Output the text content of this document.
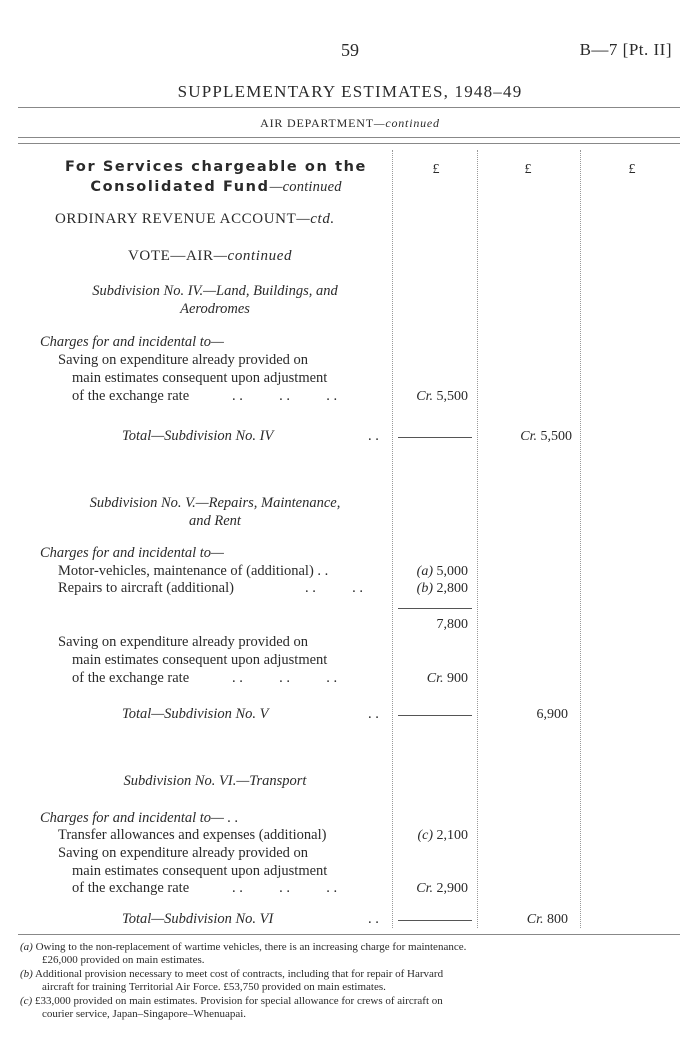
59	B—7 [Pt. II]
SUPPLEMENTARY ESTIMATES, 1948–49
AIR DEPARTMENT—continued
£	£	£
For Services chargeable on the
Consolidated Fund—continued
ORDINARY REVENUE ACCOUNT—ctd.
VOTE—AIR—continued
Subdivision No. IV.—Land, Buildings, and
Aerodromes
Charges for and incidental to—
Saving on expenditure already provided on
main estimates consequent upon adjustment
of the exchange rate	. .          . .          . .	Cr. 5,500
Total—Subdivision No. IV	. .	Cr. 5,500
Subdivision No. V.—Repairs, Maintenance,
and Rent
Charges for and incidental to—
Motor-vehicles, maintenance of (additional) . .	(a) 5,000
Repairs to aircraft (additional)	. .          . .	(b) 2,800
7,800
Saving on expenditure already provided on
main estimates consequent upon adjustment
of the exchange rate	. .          . .          . .	Cr. 900
Total—Subdivision No. V	. .	6,900
Subdivision No. VI.—Transport
Charges for and incidental to— . .
Transfer allowances and expenses (additional)	(c) 2,100
Saving on expenditure already provided on
main estimates consequent upon adjustment
of the exchange rate	. .          . .          . .	Cr. 2,900
Total—Subdivision No. VI	. .	Cr. 800
(a) Owing to the non-replacement of wartime vehicles, there is an increasing charge for maintenance.
£26,000 provided on main estimates.
(b) Additional provision necessary to meet cost of contracts, including that for repair of Harvard
aircraft for training Territorial Air Force. £53,750 provided on main estimates.
(c) £33,000 provided on main estimates. Provision for special allowance for crews of aircraft on
courier service, Japan–Singapore–Whenuapai.
